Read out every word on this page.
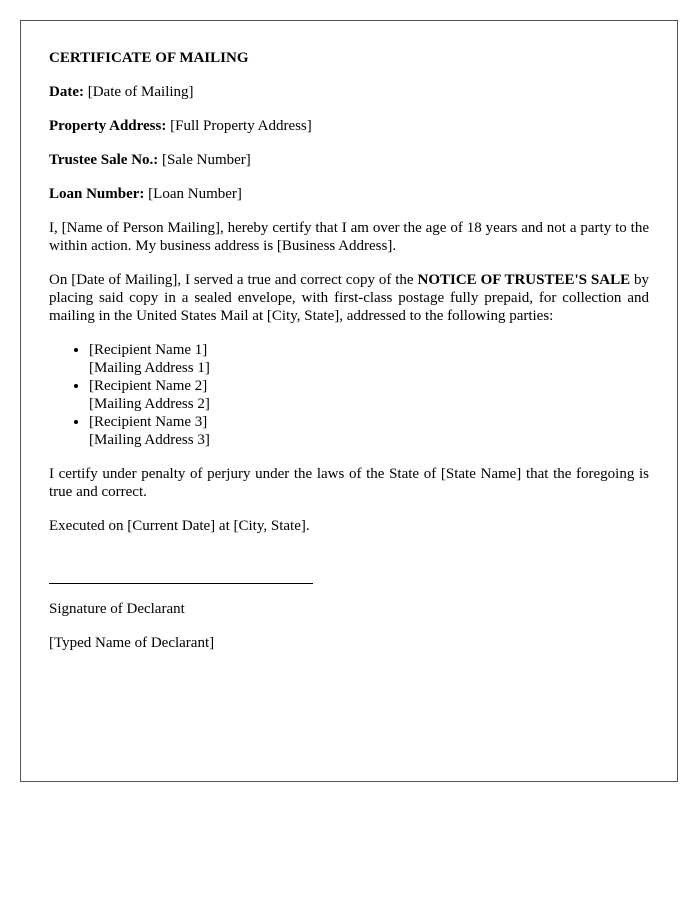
CERTIFICATE OF MAILING
Date: [Date of Mailing]
Property Address: [Full Property Address]
Trustee Sale No.: [Sale Number]
Loan Number: [Loan Number]

I, [Name of Person Mailing], hereby certify that I am over the age of 18 years and not a party to the within action. My business address is [Business Address].

On [Date of Mailing], I served a true and correct copy of the NOTICE OF TRUSTEE'S SALE by placing said copy in a sealed envelope, with first-class postage fully prepaid, for collection and mailing in the United States Mail at [City, State], addressed to the following parties:

• [Recipient Name 1]
[Mailing Address 1]
• [Recipient Name 2]
[Mailing Address 2]
• [Recipient Name 3]
[Mailing Address 3]

I certify under penalty of perjury under the laws of the State of [State Name] that the foregoing is true and correct.

Executed on [Current Date] at [City, State].

Signature of Declarant

[Typed Name of Declarant]
